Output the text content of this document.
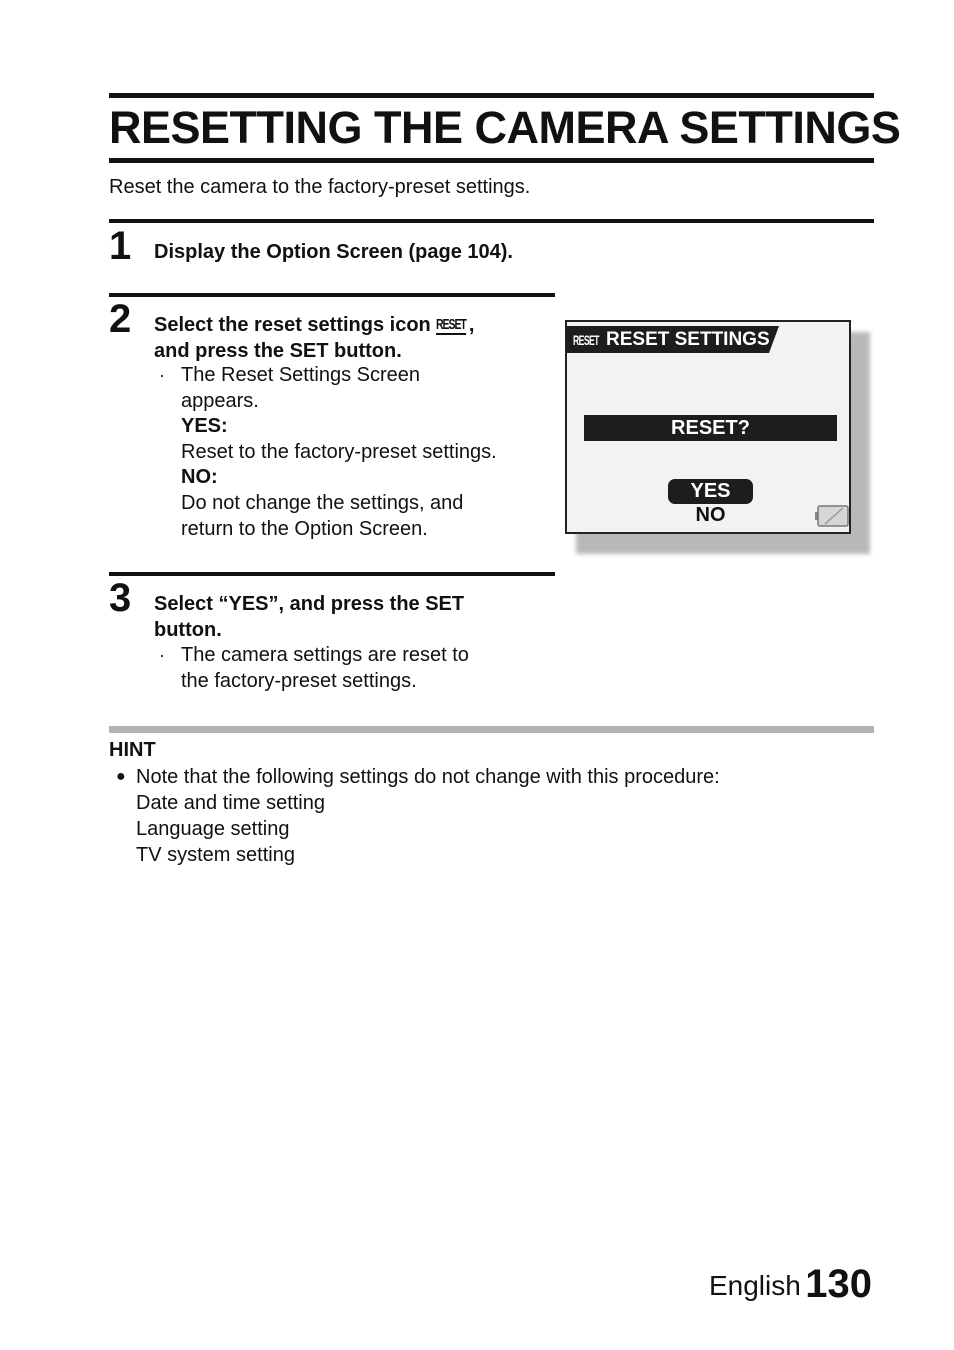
RESETTING THE CAMERA SETTINGS
Reset the camera to the factory-preset settings.
1 Display the Option Screen (page 104).
2 Select the reset settings icon RESET ,
and press the SET button.
· The Reset Settings Screen
appears.
YES:
Reset to the factory-preset settings.
NO:
Do not change the settings, and
return to the Option Screen.
RESET RESET SETTINGS
RESET?
YES
NO
3 Select “YES”, and press the SET
button.
· The camera settings are reset to
the factory-preset settings.
HINT
● Note that the following settings do not change with this procedure:
Date and time setting
Language setting
TV system setting
English 130
